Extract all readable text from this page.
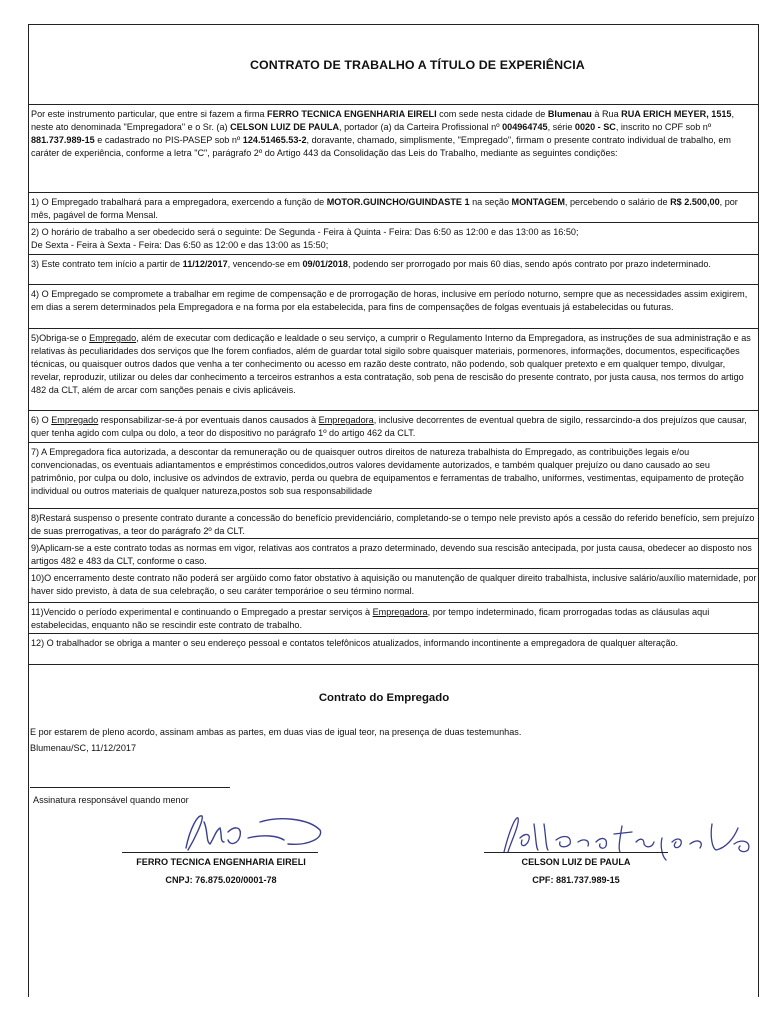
CONTRATO DE TRABALHO A TÍTULO DE EXPERIÊNCIA
Por este instrumento particular, que entre si fazem a firma FERRO TECNICA ENGENHARIA EIRELI com sede nesta cidade de Blumenau à Rua RUA ERICH MEYER, 1515, neste ato denominada "Empregadora" e o Sr. (a) CELSON LUIZ DE PAULA, portador (a) da Carteira Profissional nº 004964745, série 0020 - SC, inscrito no CPF sob nº 881.737.989-15 e cadastrado no PIS-PASEP sob nº 124.51465.53-2, doravante, chamado, simplismente, "Empregado", firmam o presente contrato individual de trabalho, em caráter de experiência, conforme a letra "C", parágrafo 2º do Artigo 443 da Consolidação das Leis do Trabalho, mediante as seguintes condições:
1) O Empregado trabalhará para a empregadora, exercendo a função de MOTOR.GUINCHO/GUINDASTE 1 na seção MONTAGEM, percebendo o salário de R$ 2.500,00, por mês, pagável de forma Mensal.
2) O horário de trabalho a ser obedecido será o seguinte: De Segunda - Feira à Quinta - Feira: Das 6:50 as 12:00 e das 13:00 as 16:50;
De Sexta - Feira à Sexta - Feira: Das 6:50 as 12:00 e das 13:00 as 15:50;
3) Este contrato tem início a partir de 11/12/2017, vencendo-se em 09/01/2018, podendo ser prorrogado por mais 60 dias, sendo após contrato por prazo indeterminado.
4) O Empregado se compromete a trabalhar em regime de compensação e de prorrogação de horas, inclusive em período noturno, sempre que as necessidades assim exigirem, em dias a serem determinados pela Empregadora e na forma por ela estabelecida, para fins de compensações de folgas eventuais já estabelecidas ou futuras.
5)Obriga-se o Empregado, além de executar com dedicação e lealdade o seu serviço, a cumprir o Regulamento Interno da Empregadora, as instruções de sua administração e as relativas às peculiaridades dos serviços que lhe forem confiados, além de guardar total sigilo sobre quaisquer materiais, pormenores, informações, documentos, especificações técnicas, ou quaisquer outros dados que venha a ter conhecimento ou acesso em razão deste contrato, não podendo, sob qualquer pretexto e em qualquer tempo, divulgar, revelar, reproduzir, utilizar ou deles dar conhecimento a terceiros estranhos a esta contratação, sob pena de rescisão do presente contrato, por justa causa, nos termos do artigo 482 da CLT, além de arcar com sanções penais e civis aplicáveis.
6) O Empregado responsabilizar-se-á por eventuais danos causados à Empregadora, inclusive decorrentes de eventual quebra de sigilo, ressarcindo-a dos prejuízos que causar, quer tenha agido com culpa ou dolo, a teor do dispositivo no parágrafo 1º do artigo 462 da CLT.
7) A Empregadora fica autorizada, a descontar da remuneração ou de quaisquer outros direitos de natureza trabalhista do Empregado, as contribuições legais e/ou convencionadas, os eventuais adiantamentos e empréstimos concedidos,outros valores devidamente autorizados, e também qualquer prejuízo ou dano causado ao seu patrimônio, por culpa ou dolo, inclusive os advindos de extravio, perda ou quebra de equipamentos e ferramentas de trabalho, uniformes, vestimentas, equipamento de proteção individual ou outros materiais de qualquer natureza,postos sob sua responsabilidade
8)Restará suspenso o presente contrato durante a concessão do benefício previdenciário, completando-se o tempo nele previsto após a cessão do referido benefício, sem prejuízo de suas prerrogativas, a teor do parágrafo 2º da CLT.
9)Aplicam-se a este contrato todas as normas em vigor, relativas aos contratos a prazo determinado, devendo sua rescisão antecipada, por justa causa, obedecer ao disposto nos artigos 482 e 483 da CLT, conforme o caso.
10)O encerramento deste contrato não poderá ser argüido como fator obstativo à aquisição ou manutenção de qualquer direito trabalhista, inclusive salário/auxílio maternidade, por haver sido previsto, à data de sua celebração, o seu caráter temporárioe o seu término normal.
11)Vencido o período experimental e continuando o Empregado a prestar serviços à Empregadora, por tempo indeterminado, ficam prorrogadas todas as cláusulas aqui estabelecidas, enquanto não se rescindir este contrato de trabalho.
12) O trabalhador se obriga a manter o seu endereço pessoal e contatos telefônicos atualizados, informando incontinente a empregadora de qualquer alteração.
Contrato do Empregado
E por estarem de pleno acordo, assinam ambas as partes, em duas vias de igual teor, na presença de duas testemunhas.
Blumenau/SC, 11/12/2017
Assinatura responsável quando menor
FERRO TECNICA ENGENHARIA EIRELI
CNPJ: 76.875.020/0001-78
CELSON LUIZ DE PAULA
CPF: 881.737.989-15
